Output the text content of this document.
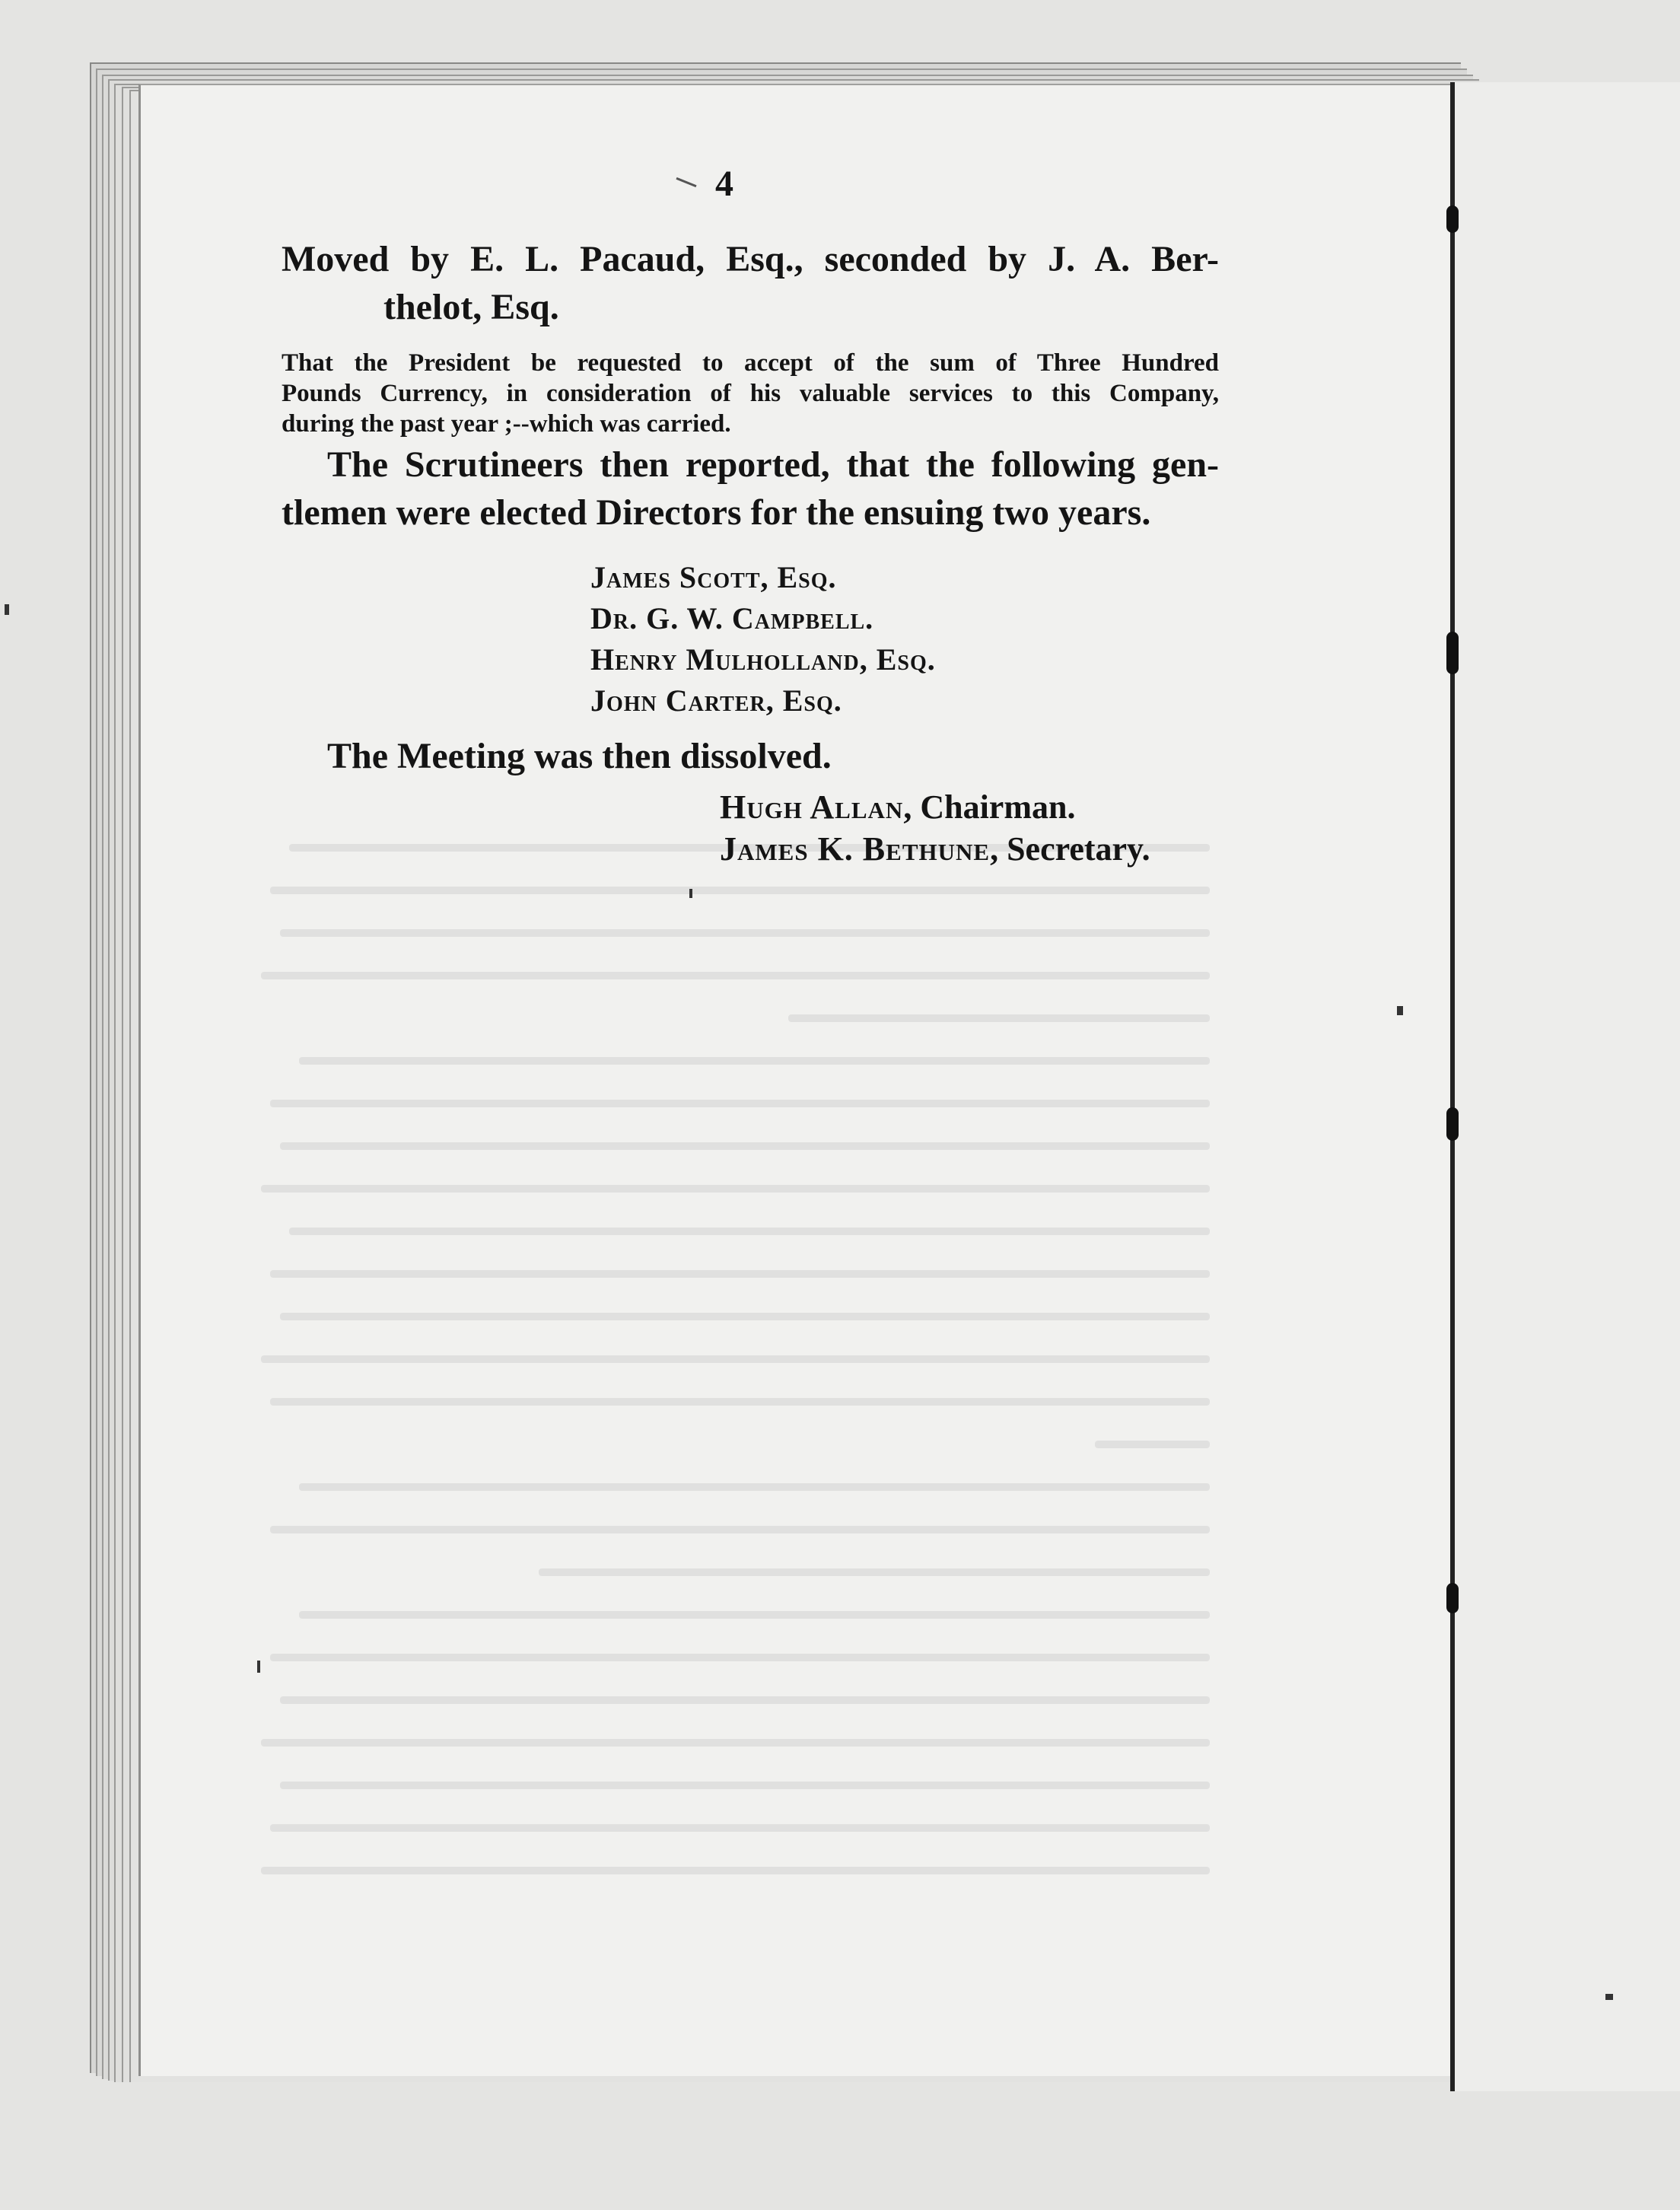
4
Moved by E. L. Pacaud, Esq., seconded by J. A. Ber-
thelot, Esq.
That the President be requested to accept of the sum of Three Hundred
Pounds Currency, in consideration of his valuable services to this Company,
during the past year ;--which was carried.
The Scrutineers then reported, that the following gen-
tlemen were elected Directors for the ensuing two years.
James Scott, Esq.
Dr. G. W. Campbell.
Henry Mulholland, Esq.
John Carter, Esq.
The Meeting was then dissolved.
Hugh Allan, Chairman.
James K. Bethune, Secretary.
